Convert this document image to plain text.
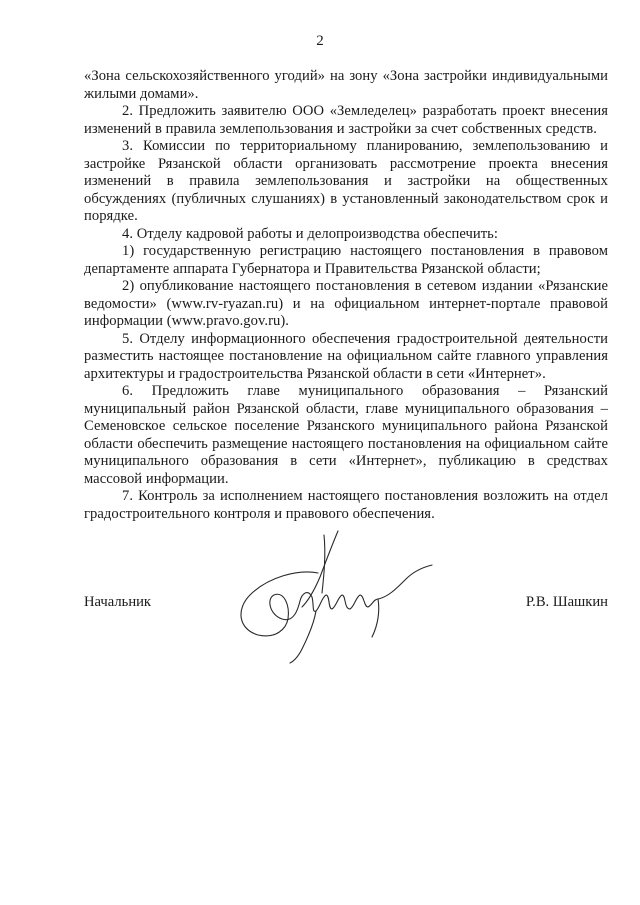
2

«Зона сельскохозяйственного угодий» на зону «Зона застройки индивидуальными жилыми домами».

2. Предложить заявителю ООО «Земледелец» разработать проект внесения изменений в правила землепользования и застройки за счет собственных средств.

3. Комиссии по территориальному планированию, землепользованию и застройке Рязанской области организовать рассмотрение проекта внесения изменений в правила землепользования и застройки на общественных обсуждениях (публичных слушаниях) в установленный законодательством срок и порядке.

4. Отделу кадровой работы и делопроизводства обеспечить:

1) государственную регистрацию настоящего постановления в правовом департаменте аппарата Губернатора и Правительства Рязанской области;

2) опубликование настоящего постановления в сетевом издании «Рязанские ведомости» (www.rv-ryazan.ru) и на официальном интернет-портале правовой информации (www.pravo.gov.ru).

5. Отделу информационного обеспечения градостроительной деятельности разместить настоящее постановление на официальном сайте главного управления архитектуры и градостроительства Рязанской области в сети «Интернет».

6. Предложить главе муниципального образования – Рязанский муниципальный район Рязанской области, главе муниципального образования – Семеновское сельское поселение Рязанского муниципального района Рязанской области обеспечить размещение настоящего постановления на официальном сайте муниципального образования в сети «Интернет», публикацию в средствах массовой информации.

7. Контроль за исполнением настоящего постановления возложить на отдел градостроительного контроля и правового обеспечения.

Начальник	Р.В. Шашкин
